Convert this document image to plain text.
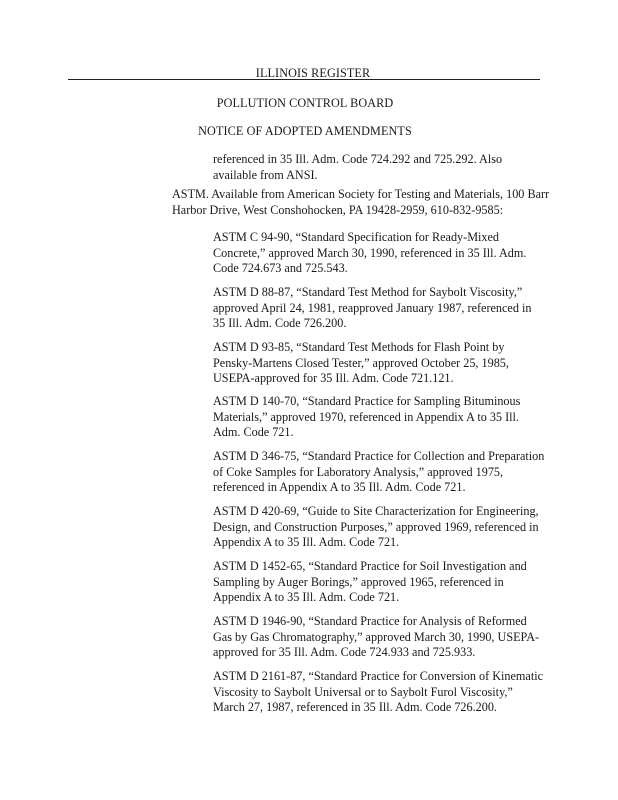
ILLINOIS REGISTER
POLLUTION CONTROL BOARD
NOTICE OF ADOPTED AMENDMENTS

referenced in 35 Ill. Adm. Code 724.292 and 725.292. Also available from ANSI.

ASTM. Available from American Society for Testing and Materials, 100 Barr Harbor Drive, West Conshohocken, PA 19428-2959, 610-832-9585:

ASTM C 94-90, “Standard Specification for Ready-Mixed Concrete,” approved March 30, 1990, referenced in 35 Ill. Adm. Code 724.673 and 725.543.

ASTM D 88-87, “Standard Test Method for Saybolt Viscosity,” approved April 24, 1981, reapproved January 1987, referenced in 35 Ill. Adm. Code 726.200.

ASTM D 93-85, “Standard Test Methods for Flash Point by Pensky-Martens Closed Tester,” approved October 25, 1985, USEPA-approved for 35 Ill. Adm. Code 721.121.

ASTM D 140-70, “Standard Practice for Sampling Bituminous Materials,” approved 1970, referenced in Appendix A to 35 Ill. Adm. Code 721.

ASTM D 346-75, “Standard Practice for Collection and Preparation of Coke Samples for Laboratory Analysis,” approved 1975, referenced in Appendix A to 35 Ill. Adm. Code 721.

ASTM D 420-69, “Guide to Site Characterization for Engineering, Design, and Construction Purposes,” approved 1969, referenced in Appendix A to 35 Ill. Adm. Code 721.

ASTM D 1452-65, “Standard Practice for Soil Investigation and Sampling by Auger Borings,” approved 1965, referenced in Appendix A to 35 Ill. Adm. Code 721.

ASTM D 1946-90, “Standard Practice for Analysis of Reformed Gas by Gas Chromatography,” approved March 30, 1990, USEPA-approved for 35 Ill. Adm. Code 724.933 and 725.933.

ASTM D 2161-87, “Standard Practice for Conversion of Kinematic Viscosity to Saybolt Universal or to Saybolt Furol Viscosity,” March 27, 1987, referenced in 35 Ill. Adm. Code 726.200.
